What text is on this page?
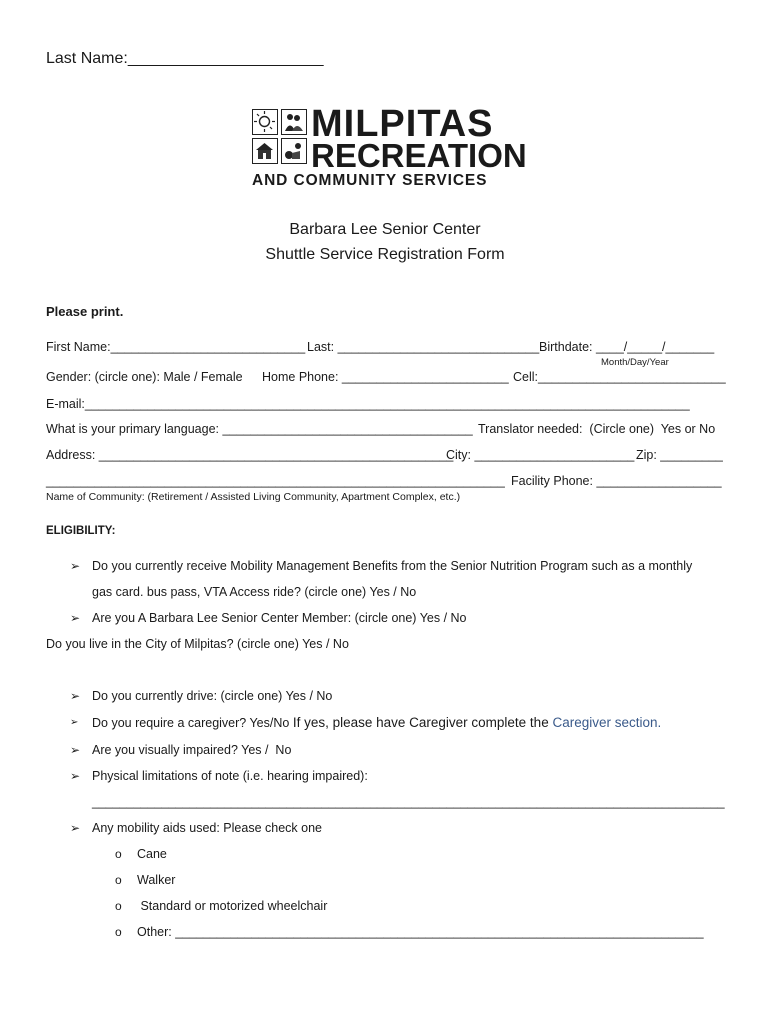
Last Name:______________________
MILPITAS
RECREATION
AND COMMUNITY SERVICES
Barbara Lee Senior Center
Shuttle Service Registration Form
Please print.
First Name:____________________________ Last: _____________________________ Birthdate: ____/_____/_______
Month/Day/Year
Gender: (circle one): Male / Female Home Phone: ________________________ Cell:___________________________
E-mail:_______________________________________________________________________________________
What is your primary language: ____________________________________ Translator needed:  (Circle one)  Yes or No
Address: ___________________________________________________
City: _______________________ Zip: _________
__________________________________________________________________ Facility Phone: __________________
Name of Community: (Retirement / Assisted Living Community, Apartment Complex, etc.)
ELIGIBILITY:
➢ Do you currently receive Mobility Management Benefits from the Senior Nutrition Program such as a monthly
gas card. bus pass, VTA Access ride? (circle one) Yes / No
➢ Are you A Barbara Lee Senior Center Member: (circle one) Yes / No
Do you live in the City of Milpitas? (circle one) Yes / No
➢ Do you currently drive: (circle one) Yes / No
➢ Do you require a caregiver? Yes/No If yes, please have Caregiver complete the Caregiver section.
➢ Are you visually impaired? Yes /  No
➢ Physical limitations of note (i.e. hearing impaired):
___________________________________________________________________________________________
➢ Any mobility aids used: Please check one
o Cane
o Walker
o Standard or motorized wheelchair
o Other: ____________________________________________________________________________
